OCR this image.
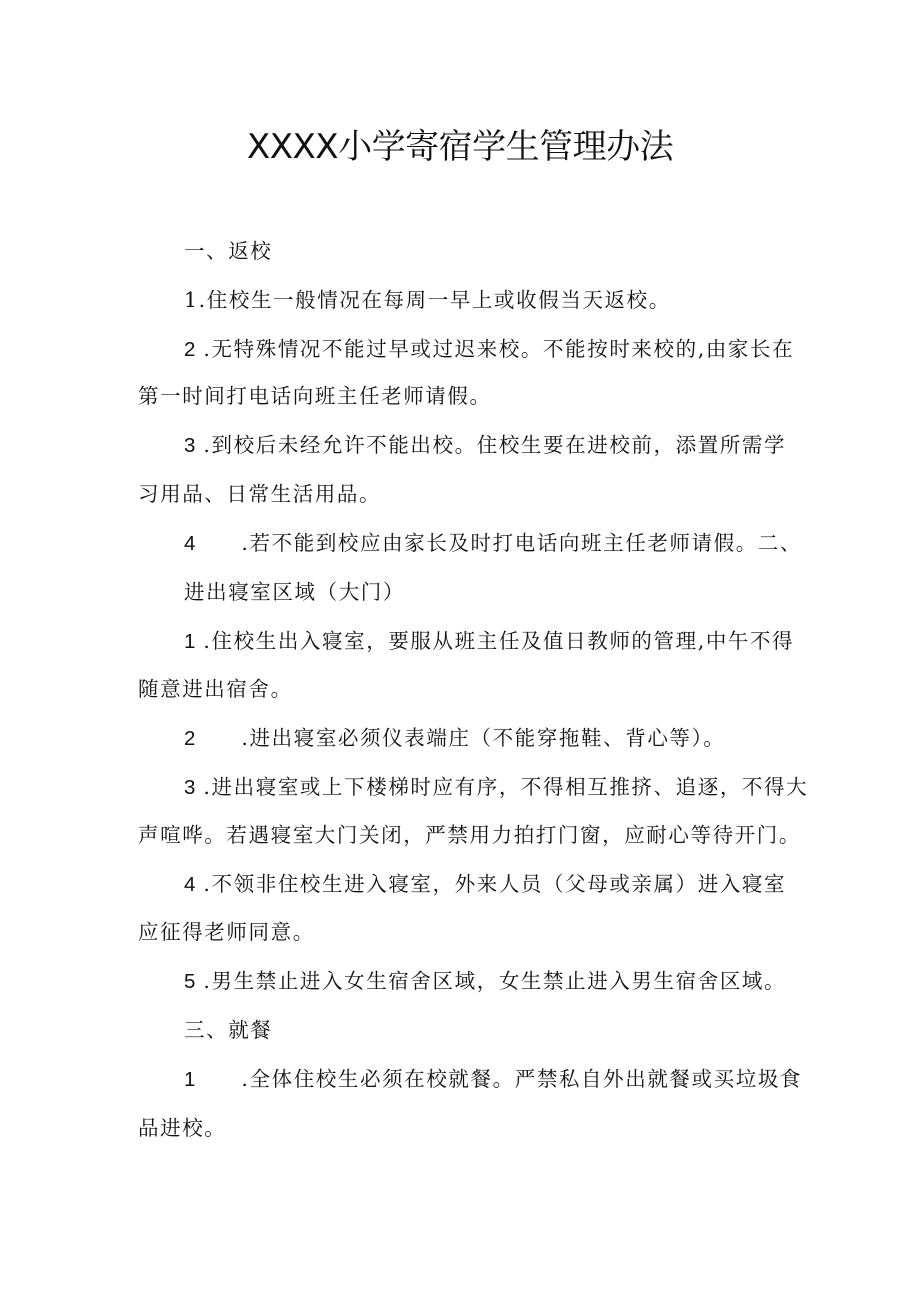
XXXX小学寄宿学生管理办法
一、返校
1.住校生一般情况在每周一早上或收假当天返校。
2 .无特殊情况不能过早或过迟来校。不能按时来校的,由家长在
第一时间打电话向班主任老师请假。
3 .到校后未经允许不能出校。住校生要在进校前，添置所需学
习用品、日常生活用品。
4 .若不能到校应由家长及时打电话向班主任老师请假。二、
进出寝室区域（大门）
1 .住校生出入寝室，要服从班主任及值日教师的管理,中午不得
随意进出宿舍。
2 .进出寝室必须仪表端庄（不能穿拖鞋、背心等）。
3 .进出寝室或上下楼梯时应有序，不得相互推挤、追逐，不得大
声喧哗。若遇寝室大门关闭，严禁用力拍打门窗，应耐心等待开门。
4 .不领非住校生进入寝室，外来人员（父母或亲属）进入寝室
应征得老师同意。
5 .男生禁止进入女生宿舍区域，女生禁止进入男生宿舍区域。
三、就餐
1 .全体住校生必须在校就餐。严禁私自外出就餐或买垃圾食
品进校。
